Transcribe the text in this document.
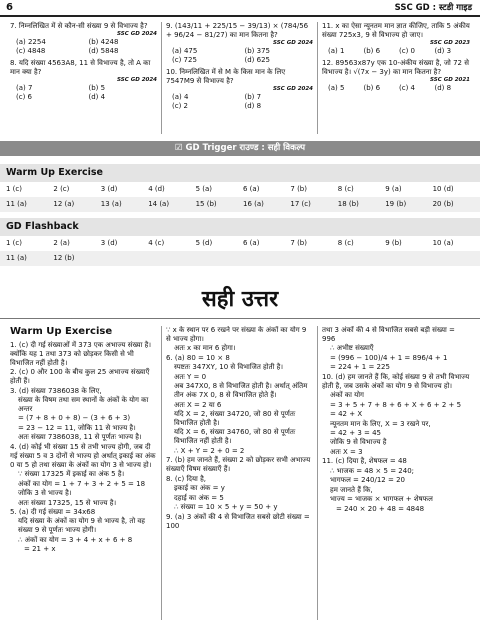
6	SSC GD : स्टडी गाइड

7. निम्नलिखित में से कौन-सी संख्या 9 से विभाज्य है?

SSC GD 2024

(a) 2254	(b) 4248
(c) 4848	(d) 5848

8. यदि संख्या 4563A8, 11 से विभाज्य है, तो A का मान क्या है?

SSC GD 2024

(a) 7	(b) 5
(c) 6	(d) 4

9. (143/11 + 225/15 − 39/13) × (784/56 + 96/24 − 81/27) का मान कितना है?

SSC GD 2024

(a) 475	(b) 375
(c) 725	(d) 625

10. निम्नलिखित में से M के किस मान के लिए 7547M9 से विभाज्य है?

SSC GD 2024

(a) 4	(b) 7
(c) 2	(d) 8

11. x का ऐसा न्यूनतम मान ज्ञात कीजिए, ताकि 5 अंकीय संख्या 725x3, 9 से विभाज्य हो जाए।

SSC GD 2023

(a) 1	(b) 6	(c) 0	(d) 3

12. 89563x87y एक 10-अंकीय संख्या है, जो 72 से विभाज्य है। √(7x − 3y) का मान कितना है?

SSC GD 2021

(a) 5	(b) 6	(c) 4	(d) 8
☑ GD Trigger राउण्ड : सही विकल्प
Warm Up Exercise
1 (c)	2 (c)	3 (d)	4 (d)	5 (a)	6 (a)	7 (b)	8 (c)	9 (a)	10 (d)
11 (a)	12 (a)	13 (a)	14 (a)	15 (b)	16 (a)	17 (c)	18 (b)	19 (b)	20 (b)
GD Flashback
1 (c)	2 (a)	3 (d)	4 (c)	5 (d)	6 (a)	7 (b)	8 (c)	9 (b)	10 (a)
11 (a)	12 (b)
सही उत्तर

Warm Up Exercise

1. (c) दी गई संख्याओं में 373 एक अभाज्य संख्या है। क्योंकि यह 1 तथा 373 को छोड़कर किसी से भी विभाजित नहीं होती है।

2. (c) 0 और 100 के बीच कुल 25 अभाज्य संख्याएँ होती हैं।

3. (d) संख्या 7386038 के लिए,

संख्या के विषम तथा सम स्थानों के अंकों के योग का अन्तर

= (7 + 8 + 0 + 8) − (3 + 6 + 3)

= 23 − 12 = 11, जोकि 11 से भाज्य है।

अतः संख्या 7386038, 11 से पूर्णतः भाज्य है।

4. (d) कोई भी संख्या 15 से तभी भाज्य होगी, जब दी गई संख्या 5 व 3 दोनों से भाज्य हो अर्थात् इकाई का अंक 0 या 5 हो तथा संख्या के अंकों का योग 3 से भाज्य हो।

∵ संख्या 17325 में इकाई का अंक 5 है।

अंकों का योग = 1 + 7 + 3 + 2 + 5 = 18

जोकि 3 से भाज्य है।

अतः संख्या 17325, 15 से भाज्य है।

5. (a) दी गई संख्या = 34x68

यदि संख्या के अंकों का योग 9 से भाज्य है, तो वह संख्या 9 से पूर्णतः भाज्य होगी।

∴ अंकों का योग = 3 + 4 + x + 6 + 8

= 21 + x

∵ x के स्थान पर 6 रखने पर संख्या के अंकों का योग 9 से भाज्य होगा।

अतः x का मान 6 होगा।

6. (a) 80 = 10 × 8

स्पष्टतः 347XY, 10 से विभाजित होती है।

अतः Y = 0

अब 347X0, 8 से विभाजित होती है। अर्थात् अंतिम तीन अंक 7X 0, 8 से विभाजित होते हैं।

अतः X = 2 या 6

यदि X = 2, संख्या 34720, जो 80 से पूर्णतः विभाजित होती है।

यदि X = 6, संख्या 34760, जो 80 से पूर्णतः विभाजित नहीं होती है।

∴ X + Y = 2 + 0 = 2

7. (b) हम जानते हैं, संख्या 2 को छोड़कर सभी अभाज्य संख्याएँ विषम संख्याएँ हैं।

8. (c) दिया है,

इकाई का अंक = y

दहाई का अंक = 5

∴ संख्या = 10 × 5 + y = 50 + y

9. (a) 3 अंकों की 4 से विभाजित सबसे छोटी संख्या = 100

तथा 3 अंकों की 4 से विभाजित सबसे बड़ी संख्या = 996

∴ अभीष्ट संख्याएँ

= (996 − 100)/4 + 1 = 896/4 + 1

= 224 + 1 = 225

10. (d) हम जानते हैं कि, कोई संख्या 9 से तभी विभाज्य होती है, जब उसके अंकों का योग 9 से विभाज्य हो।

अंकों का योग

= 3 + 5 + 7 + 8 + 6 + X + 6 + 2 + 5

= 42 + X

न्यूनतम मान के लिए, X = 3 रखने पर,

= 42 + 3 = 45

जोकि 9 से विभाज्य है

अतः X = 3

11. (c) दिया है, शेषफल = 48

∴ भाजक = 48 × 5 = 240;

भागफल = 240/12 = 20

हम जानते हैं कि,

भाज्य = भाजक × भागफल + शेषफल

= 240 × 20 + 48 = 4848
